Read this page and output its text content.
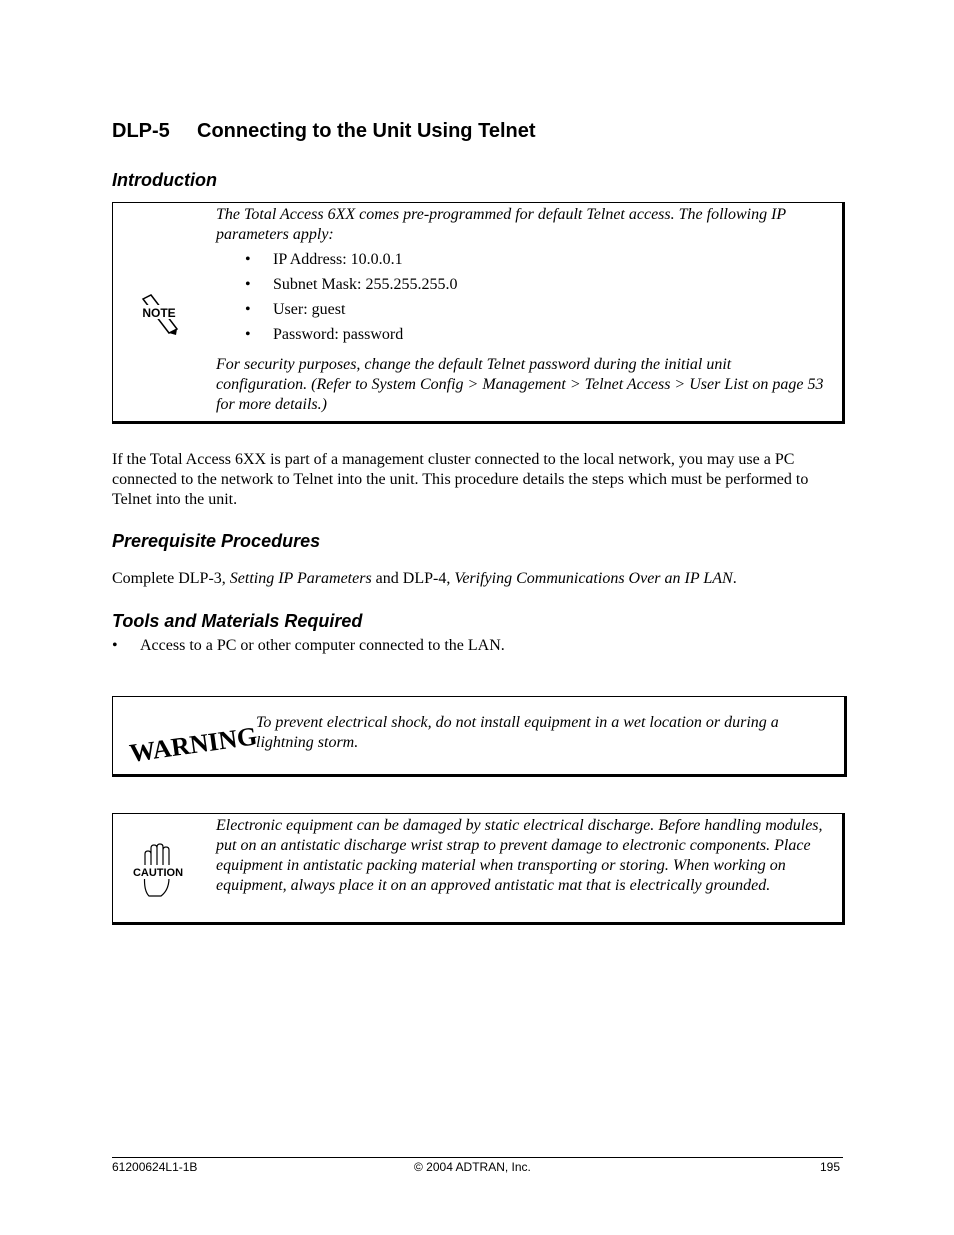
DLP-5 Connecting to the Unit Using Telnet
Introduction
NOTE
The Total Access 6XX comes pre-programmed for default Telnet access. The following IP parameters apply:
• IP Address: 10.0.0.1
• Subnet Mask: 255.255.255.0
• User: guest
• Password: password
For security purposes, change the default Telnet password during the initial unit configuration. (Refer to System Config > Management > Telnet Access > User List on page 53 for more details.)
If the Total Access 6XX is part of a management cluster connected to the local network, you may use a PC connected to the network to Telnet into the unit. This procedure details the steps which must be performed to Telnet into the unit.
Prerequisite Procedures
Complete DLP-3, Setting IP Parameters and DLP-4, Verifying Communications Over an IP LAN.
Tools and Materials Required
• Access to a PC or other computer connected to the LAN.
WARNING
To prevent electrical shock, do not install equipment in a wet location or during a lightning storm.
CAUTION
Electronic equipment can be damaged by static electrical discharge. Before handling modules, put on an antistatic discharge wrist strap to prevent damage to electronic components. Place equipment in antistatic packing material when transporting or storing. When working on equipment, always place it on an approved antistatic mat that is electrically grounded.
61200624L1-1B	© 2004 ADTRAN, Inc.	195
